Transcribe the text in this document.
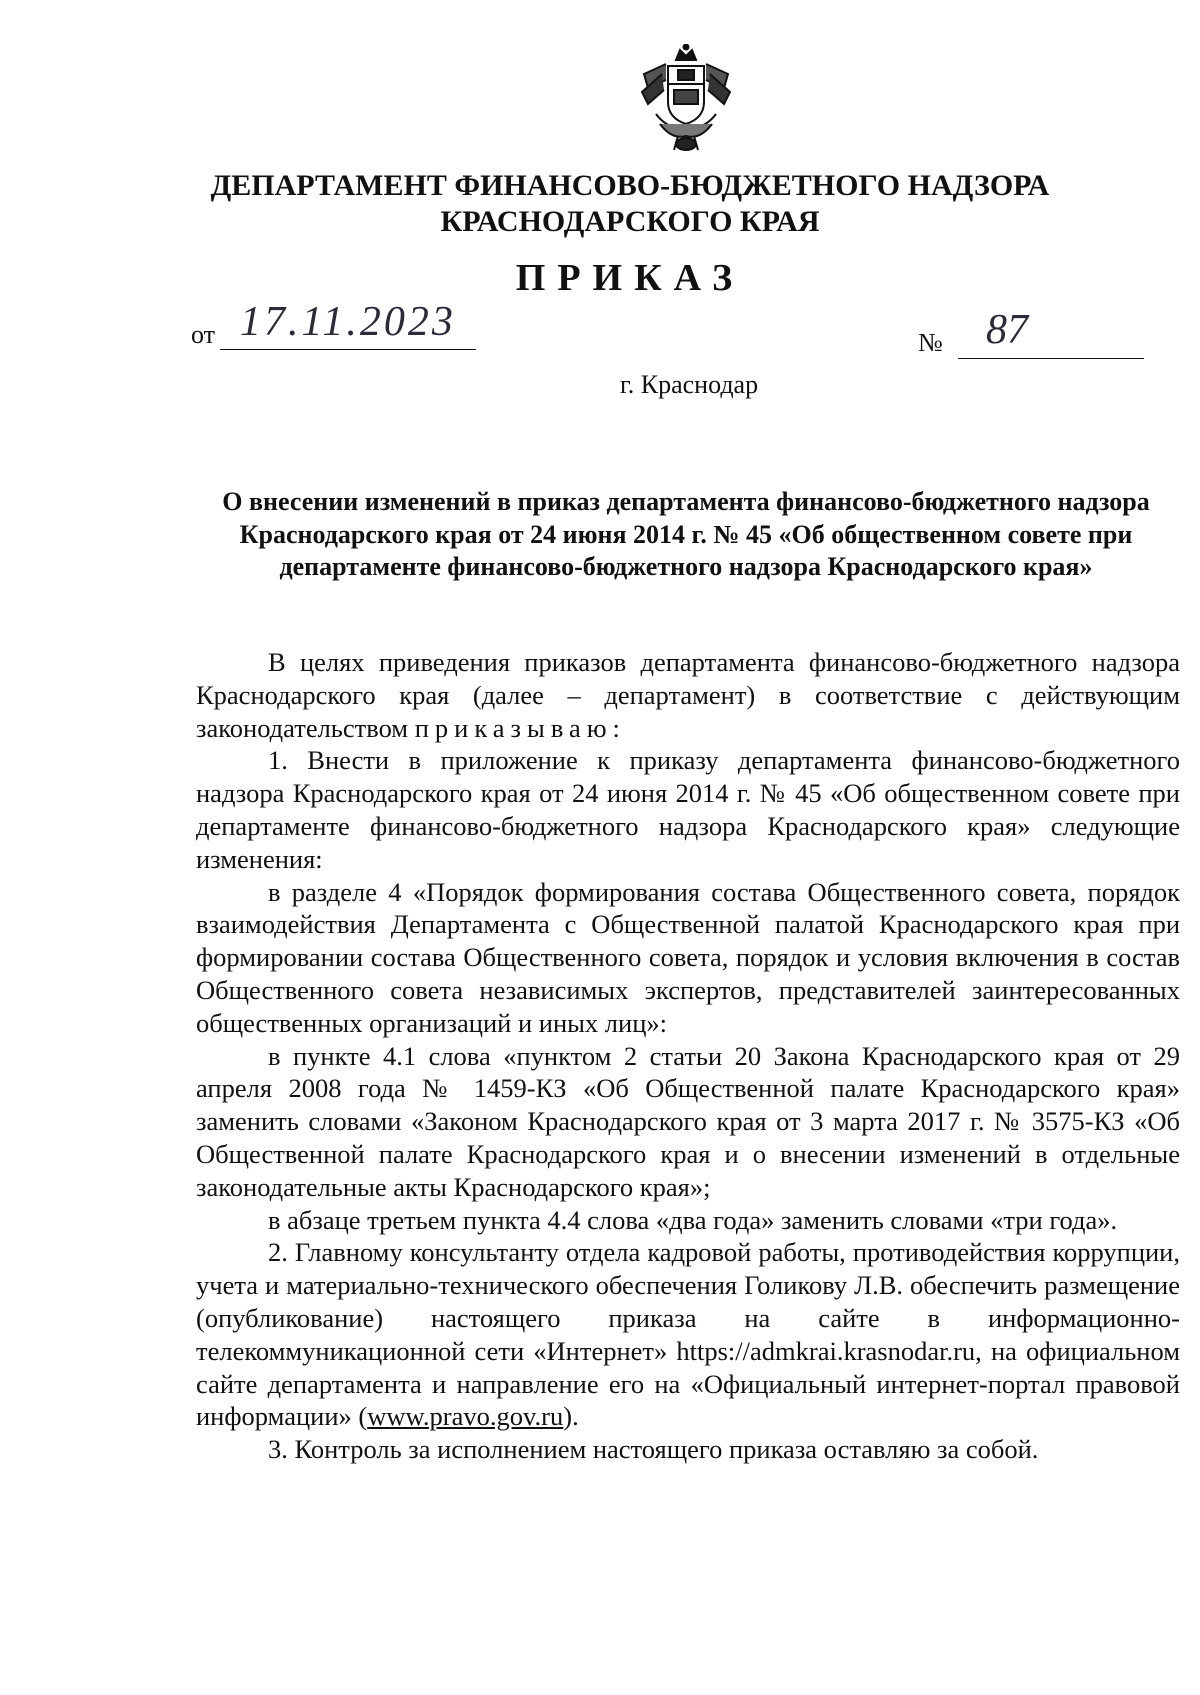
ДЕПАРТАМЕНТ ФИНАНСОВО-БЮДЖЕТНОГО НАДЗОРА
КРАСНОДАРСКОГО КРАЯ
ПРИКАЗ
от 17.11.2023	№ 87
г. Краснодар
О внесении изменений в приказ департамента финансово-бюджетного надзора Краснодарского края от 24 июня 2014 г. № 45 «Об общественном совете при департаменте финансово-бюджетного надзора Краснодарского края»

В целях приведения приказов департамента финансово-бюджетного надзора Краснодарского края (далее – департамент) в соответствие с действующим законодательством приказываю:

1. Внести в приложение к приказу департамента финансово-бюджетного надзора Краснодарского края от 24 июня 2014 г. № 45 «Об общественном совете при департаменте финансово-бюджетного надзора Краснодарского края» следующие изменения:

в разделе 4 «Порядок формирования состава Общественного совета, порядок взаимодействия Департамента с Общественной палатой Краснодарского края при формировании состава Общественного совета, порядок и условия включения в состав Общественного совета независимых экспертов, представителей заинтересованных общественных организаций и иных лиц»:

в пункте 4.1 слова «пунктом 2 статьи 20 Закона Краснодарского края от 29 апреля 2008 года № 1459-КЗ «Об Общественной палате Краснодарского края» заменить словами «Законом Краснодарского края от 3 марта 2017 г. № 3575-КЗ «Об Общественной палате Краснодарского края и о внесении изменений в отдельные законодательные акты Краснодарского края»;

в абзаце третьем пункта 4.4 слова «два года» заменить словами «три года».

2. Главному консультанту отдела кадровой работы, противодействия коррупции, учета и материально-технического обеспечения Голикову Л.В. обеспечить размещение (опубликование) настоящего приказа на сайте в информационно-телекоммуникационной сети «Интернет» https://admkrai.krasnodar.ru, на официальном сайте департамента и направление его на «Официальный интернет-портал правовой информации» (www.pravo.gov.ru).

3. Контроль за исполнением настоящего приказа оставляю за собой.
